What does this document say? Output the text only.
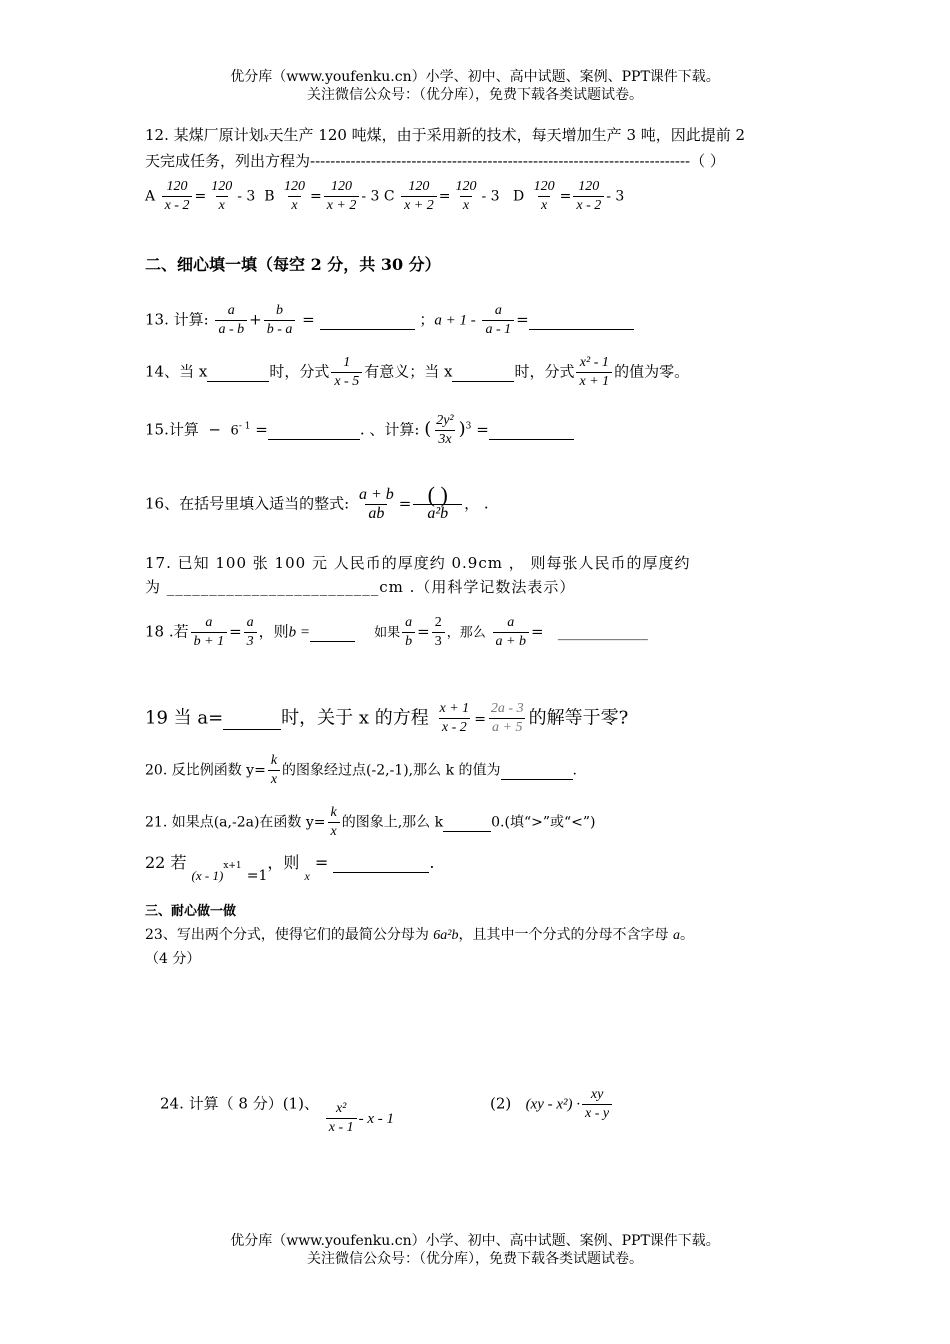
优分库（www.youfenku.cn）小学、初中、高中试题、案例、PPT课件下载。
关注微信公众号：（优分库），免费下载各类试题试卷。
12. 某煤厂原计划x天生产 120 吨煤，由于采用新的技术，每天增加生产 3 吨，因此提前 2
天完成任务，列出方程为---------------------------------------------------------------------------（ ）
A $\frac{120}{x - 2} = \frac{120}{x} - 3$ B $\frac{120}{x} = \frac{120}{x + 2} - 3$ C $\frac{120}{x + 2} = \frac{120}{x} - 3$ D $\frac{120}{x} = \frac{120}{x - 2} - 3$
二、细心填一填（每空 2 分，共 30 分）
13. 计算: $\frac{a}{a - b} + \frac{b}{b - a}$ =	；$a + 1 - \frac{a}{a - 1}$ =
14、当 x	时，分式 $\frac{1}{x - 5}$ 有意义；当 x	时，分式 $\frac{\text{x² - 1}}{x + 1}$ 的值为零。
15.计算 − $6^{- 1}$ =	. 、计算: ( $\frac{\text{2y²}}{3x} )^3$ =
16、在括号里填入适当的整式: $\frac{a + b}{ab} = \frac{( )}{\text{a²b}}$ ， .
17. 已知 100 张 100 元 人民币的厚度约 0.9cm ， 则每张人民币的厚度约
为 _________________________cm .（用科学记数法表示）
18 .若 $\frac{a}{b + 1} = \frac{a}{3}$ ，则b =	如果 $\frac{a}{b} = \frac{2}{3}$ ，那么 $\frac{a}{a + b}$ = ____________
19 当 a=	时，关于 x 的方程 $\frac{x + 1}{x - 2} = \frac{2a - 3}{a + 5}$ 的解等于零?
20. 反比例函数 $y= \frac{k}{x}$ 的图象经过点(-2,-1),那么 k 的值为	.
21. 如果点(a,-2a)在函数 $y= \frac{k}{x}$ 的图象上,那么 k	0.(填“>”或“<”)
22 若 $_{(x - 1)}^{x+1}$ =1，则 $_x$ =	.
三、耐心做一做
23、写出两个分式，使得它们的最简公分母为 6a²b，且其中一个分式的分母不含字母 a。
（4 分）
24. 计算（ 8 分）(1)、 $\frac{\text{x²}}{x - 1}$ - x - 1
(2) $(xy - x^2) \cdot \frac{xy}{x - y}$
优分库（www.youfenku.cn）小学、初中、高中试题、案例、PPT课件下载。
关注微信公众号：（优分库），免费下载各类试题试卷。
